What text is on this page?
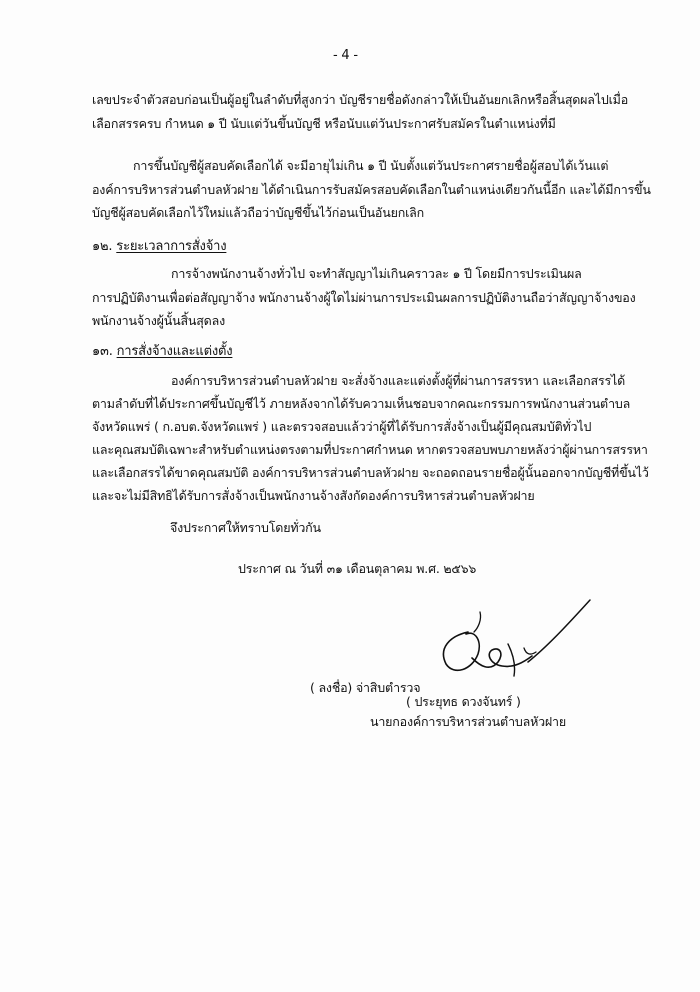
- 4 -
เลขประจำตัวสอบก่อนเป็นผู้อยู่ในลำดับที่สูงกว่า บัญชีรายชื่อดังกล่าวให้เป็นอันยกเลิกหรือสิ้นสุดผลไปเมื่อ
เลือกสรรครบ กำหนด ๑ ปี นับแต่วันขึ้นบัญชี หรือนับแต่วันประกาศรับสมัครในตำแหน่งที่มี
การขึ้นบัญชีผู้สอบคัดเลือกได้ จะมีอายุไม่เกิน ๑ ปี นับตั้งแต่วันประกาศรายชื่อผู้สอบได้เว้นแต่
องค์การบริหารส่วนตำบลหัวฝาย ได้ดำเนินการรับสมัครสอบคัดเลือกในตำแหน่งเดียวกันนี้อีก และได้มีการขึ้น
บัญชีผู้สอบคัดเลือกไว้ใหม่แล้วถือว่าบัญชีขึ้นไว้ก่อนเป็นอันยกเลิก
๑๒. ระยะเวลาการสั่งจ้าง
การจ้างพนักงานจ้างทั่วไป จะทำสัญญาไม่เกินคราวละ ๑ ปี โดยมีการประเมินผล
การปฏิบัติงานเพื่อต่อสัญญาจ้าง พนักงานจ้างผู้ใดไม่ผ่านการประเมินผลการปฏิบัติงานถือว่าสัญญาจ้างของ
พนักงานจ้างผู้นั้นสิ้นสุดลง
๑๓. การสั่งจ้างและแต่งตั้ง
องค์การบริหารส่วนตำบลหัวฝาย จะสั่งจ้างและแต่งตั้งผู้ที่ผ่านการสรรหา และเลือกสรรได้
ตามลำดับที่ได้ประกาศขึ้นบัญชีไว้ ภายหลังจากได้รับความเห็นชอบจากคณะกรรมการพนักงานส่วนตำบล
จังหวัดแพร่ ( ก.อบต.จังหวัดแพร่ ) และตรวจสอบแล้วว่าผู้ที่ได้รับการสั่งจ้างเป็นผู้มีคุณสมบัติทั่วไป
และคุณสมบัติเฉพาะสำหรับตำแหน่งตรงตามที่ประกาศกำหนด หากตรวจสอบพบภายหลังว่าผู้ผ่านการสรรหา
และเลือกสรรได้ขาดคุณสมบัติ องค์การบริหารส่วนตำบลหัวฝาย จะถอดถอนรายชื่อผู้นั้นออกจากบัญชีที่ขึ้นไว้
และจะไม่มีสิทธิได้รับการสั่งจ้างเป็นพนักงานจ้างสังกัดองค์การบริหารส่วนตำบลหัวฝาย
จึงประกาศให้ทราบโดยทั่วกัน
ประกาศ ณ วันที่ ๓๑ เดือนตุลาคม พ.ศ. ๒๕๖๖
( ลงชื่อ) จ่าสิบตำรวจ
( ประยุทธ ดวงจันทร์ )
นายกองค์การบริหารส่วนตำบลหัวฝาย
